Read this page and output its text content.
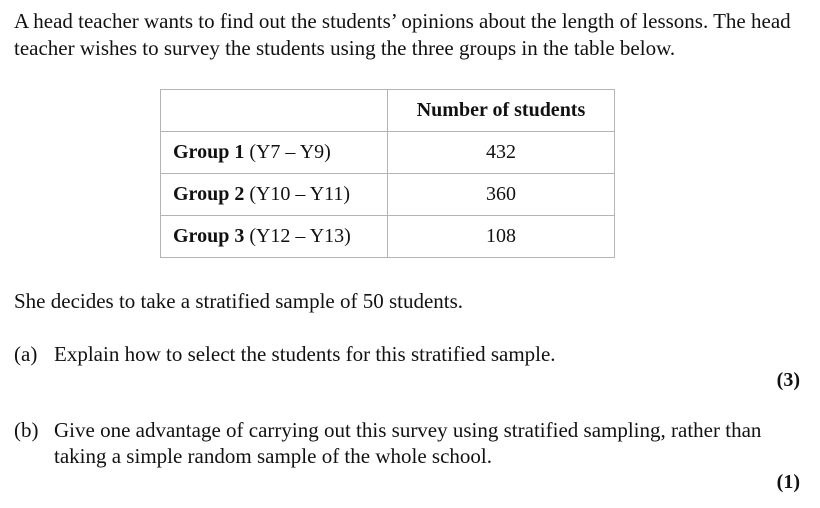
A head teacher wants to find out the students’ opinions about the length of lessons. The head teacher wishes to survey the students using the three groups in the table below.

	Number of students
Group 1 (Y7 – Y9)	432
Group 2 (Y10 – Y11)	360
Group 3 (Y12 – Y13)	108

She decides to take a stratified sample of 50 students.

(a) Explain how to select the students for this stratified sample.
(3)
(b) Give one advantage of carrying out this survey using stratified sampling, rather than taking a simple random sample of the whole school.
(1)
